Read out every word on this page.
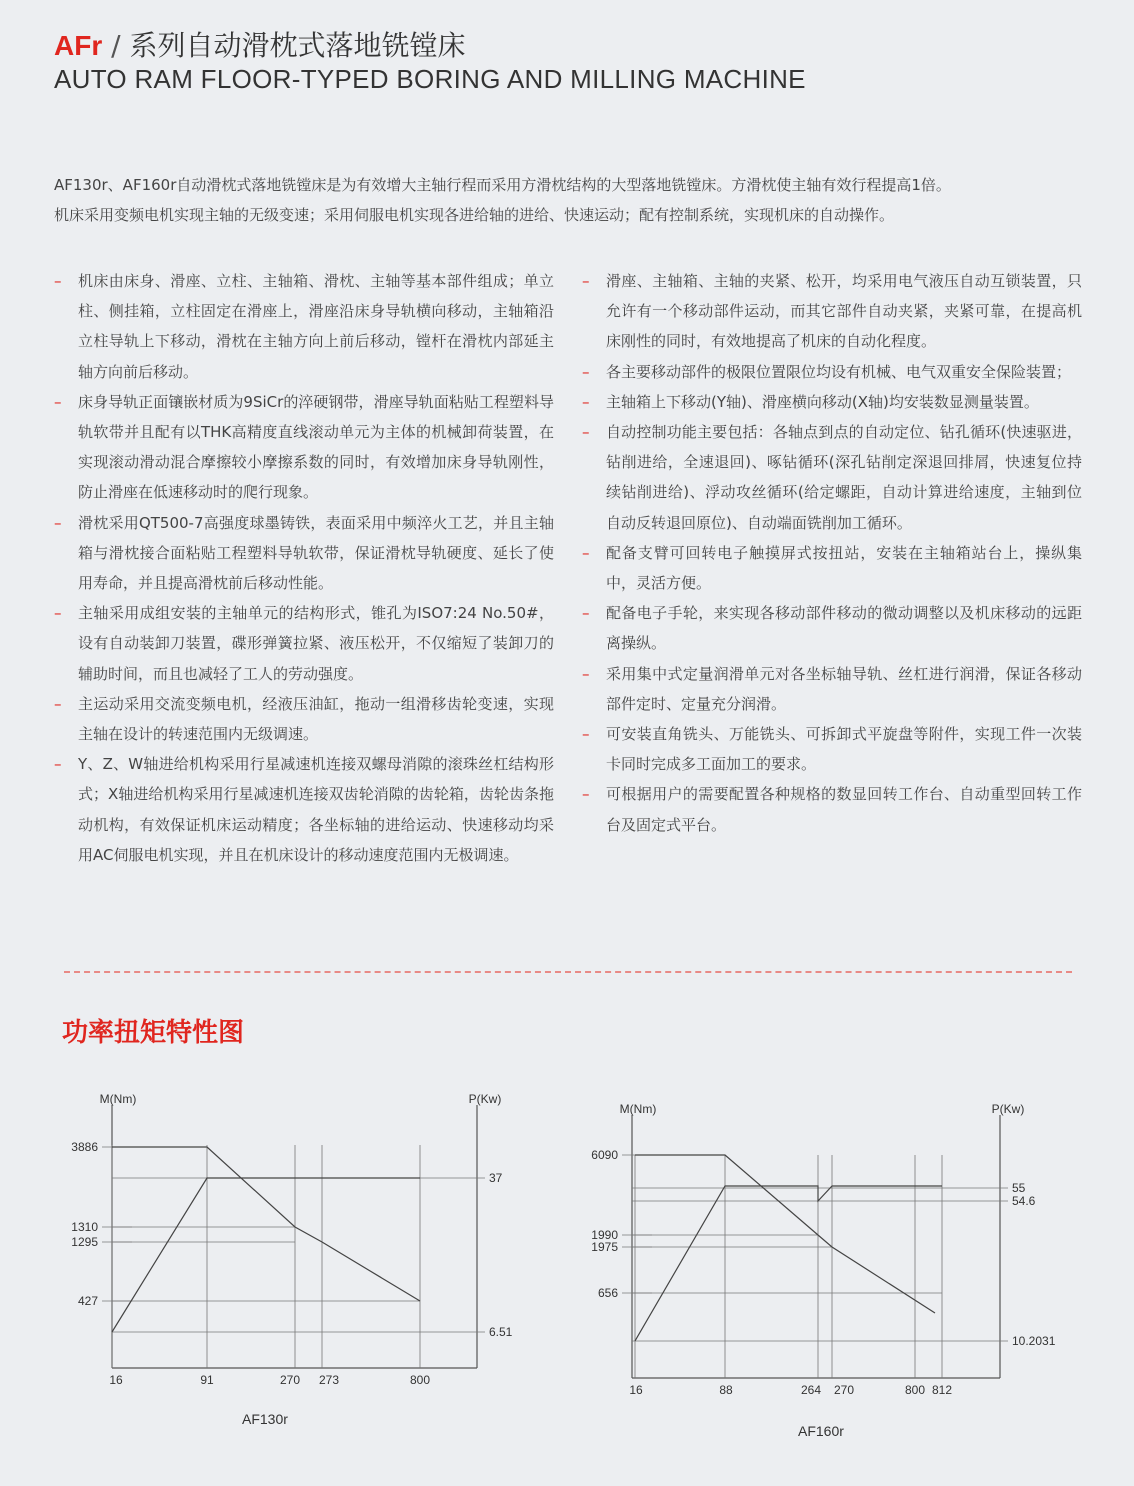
AFr / 系列自动滑枕式落地铣镗床
AUTO RAM FLOOR-TYPED BORING AND MILLING MACHINE

AF130r、AF160r自动滑枕式落地铣镗床是为有效增大主轴行程而采用方滑枕结构的大型落地铣镗床。方滑枕使主轴有效行程提高1倍。

机床采用变频电机实现主轴的无级变速；采用伺服电机实现各进给轴的进给、快速运动；配有控制系统，实现机床的自动操作。

– 机床由床身、滑座、立柱、主轴箱、滑枕、主轴等基本部件组成；单立柱、侧挂箱，立柱固定在滑座上，滑座沿床身导轨横向移动，主轴箱沿立柱导轨上下移动，滑枕在主轴方向上前后移动，镗杆在滑枕内部延主轴方向前后移动。
– 床身导轨正面镶嵌材质为9SiCr的淬硬钢带，滑座导轨面粘贴工程塑料导轨软带并且配有以THK高精度直线滚动单元为主体的机械卸荷装置，在实现滚动滑动混合摩擦较小摩擦系数的同时，有效增加床身导轨刚性，防止滑座在低速移动时的爬行现象。
– 滑枕采用QT500-7高强度球墨铸铁，表面采用中频淬火工艺，并且主轴箱与滑枕接合面粘贴工程塑料导轨软带，保证滑枕导轨硬度、延长了使用寿命，并且提高滑枕前后移动性能。
– 主轴采用成组安装的主轴单元的结构形式，锥孔为ISO7:24 No.50#，设有自动装卸刀装置，碟形弹簧拉紧、液压松开，不仅缩短了装卸刀的辅助时间，而且也减轻了工人的劳动强度。
– 主运动采用交流变频电机，经液压油缸，拖动一组滑移齿轮变速，实现主轴在设计的转速范围内无级调速。
– Y、Z、W轴进给机构采用行星减速机连接双螺母消隙的滚珠丝杠结构形式；X轴进给机构采用行星减速机连接双齿轮消隙的齿轮箱，齿轮齿条拖动机构，有效保证机床运动精度；各坐标轴的进给运动、快速移动均采用AC伺服电机实现，并且在机床设计的移动速度范围内无极调速。
– 滑座、主轴箱、主轴的夹紧、松开，均采用电气液压自动互锁装置，只允许有一个移动部件运动，而其它部件自动夹紧，夹紧可靠，在提高机床刚性的同时，有效地提高了机床的自动化程度。
– 各主要移动部件的极限位置限位均设有机械、电气双重安全保险装置；
– 主轴箱上下移动(Y轴)、滑座横向移动(X轴)均安装数显测量装置。
– 自动控制功能主要包括：各轴点到点的自动定位、钻孔循环(快速驱进，钻削进给，全速退回)、啄钻循环(深孔钻削定深退回排屑，快速复位持续钻削进给)、浮动攻丝循环(给定螺距，自动计算进给速度，主轴到位自动反转退回原位)、自动端面铣削加工循环。
– 配备支臂可回转电子触摸屏式按扭站，安装在主轴箱站台上，操纵集中，灵活方便。
– 配备电子手轮，来实现各移动部件移动的微动调整以及机床移动的远距离操纵。
– 采用集中式定量润滑单元对各坐标轴导轨、丝杠进行润滑，保证各移动部件定时、定量充分润滑。
– 可安装直角铣头、万能铣头、可拆卸式平旋盘等附件，实现工件一次装卡同时完成多工面加工的要求。
– 可根据用户的需要配置各种规格的数显回转工作台、自动重型回转工作台及固定式平台。
功率扭矩特性图
M(Nm)	P(Kw)
16	91	270 273	800
3886
1310
1295
427
37
6.51
AF130r
M(Nm)	P(Kw)
16	88	264 270	800 812
6090
1990
1975
656
55
54.6
10.2031
AF160r
